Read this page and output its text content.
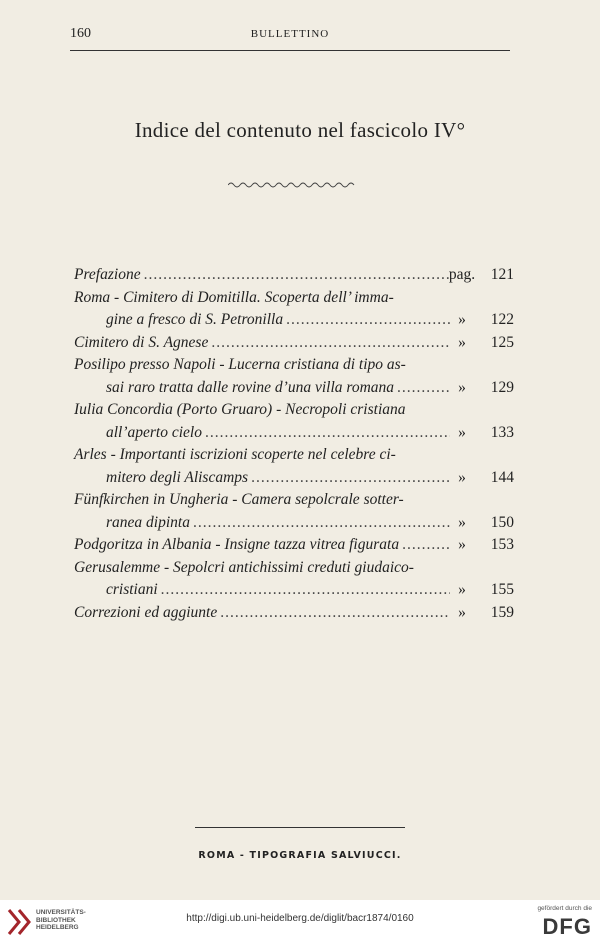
160	BULLETTINO
Indice del contenuto nel fascicolo IV°
Prefazione .....	pag.	121
Roma - Cimitero di Domitilla. Scoperta dell’ imma-
gine a fresco di S. Petronilla .....	»	122
Cimitero di S. Agnese .....	»	125
Posilipo presso Napoli - Lucerna cristiana di tipo as-
sai raro tratta dalle rovine d’una villa romana .....	»	129
Iulia Concordia (Porto Gruaro) - Necropoli cristiana
all’aperto cielo .....	»	133
Arles - Importanti iscrizioni scoperte nel celebre ci-
mitero degli Aliscamps .....	»	144
Fünfkirchen in Ungheria - Camera sepolcrale sotter-
ranea dipinta .....	»	150
Podgoritza in Albania - Insigne tazza vitrea figurata .....	»	153
Gerusalemme - Sepolcri antichissimi creduti giudaico-
cristiani .....	»	155
Correzioni ed aggiunte .....	»	159
ROMA - TIPOGRAFIA SALVIUCCI.
UNIVERSITÄTS-
BIBLIOTHEK
HEIDELBERG
http://digi.ub.uni-heidelberg.de/diglit/bacr1874/0160
gefördert durch die
DFG
